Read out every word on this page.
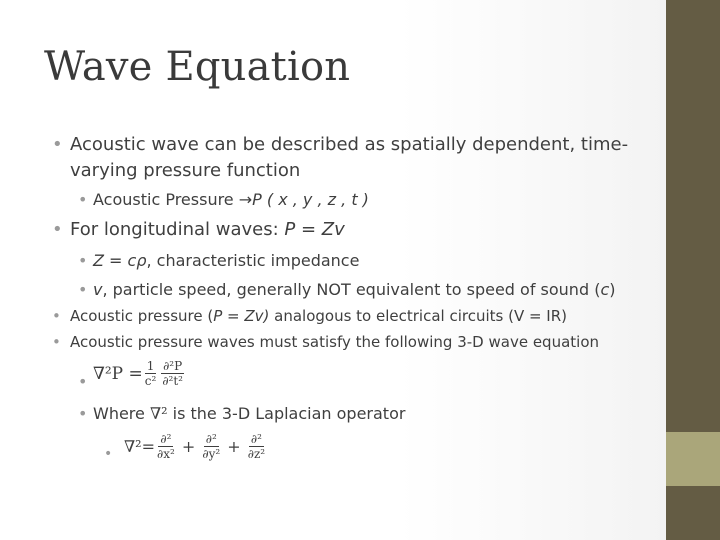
Wave Equation
• Acoustic wave can be described as spatially dependent, time-
varying pressure function
• Acoustic Pressure →P ( x , y , z , t )
• For longitudinal waves: P = Zv
• Z = cρ, characteristic impedance
• v, particle speed, generally NOT equivalent to speed of sound (c)
• Acoustic pressure (P = Zv) analogous to electrical circuits (V = IR)
• Acoustic pressure waves must satisfy the following 3-D wave equation
• $\nabla^2P = \frac{1}{\text{c²}} \frac{\text{∂²P}}{\text{∂²t²}}$
• Where ∇² is the 3-D Laplacian operator
• $\nabla^2= \frac{\text{∂²}}{\text{∂x²}} + \frac{\text{∂²}}{\text{∂y²}} + \frac{\text{∂²}}{\text{∂z²}}$
